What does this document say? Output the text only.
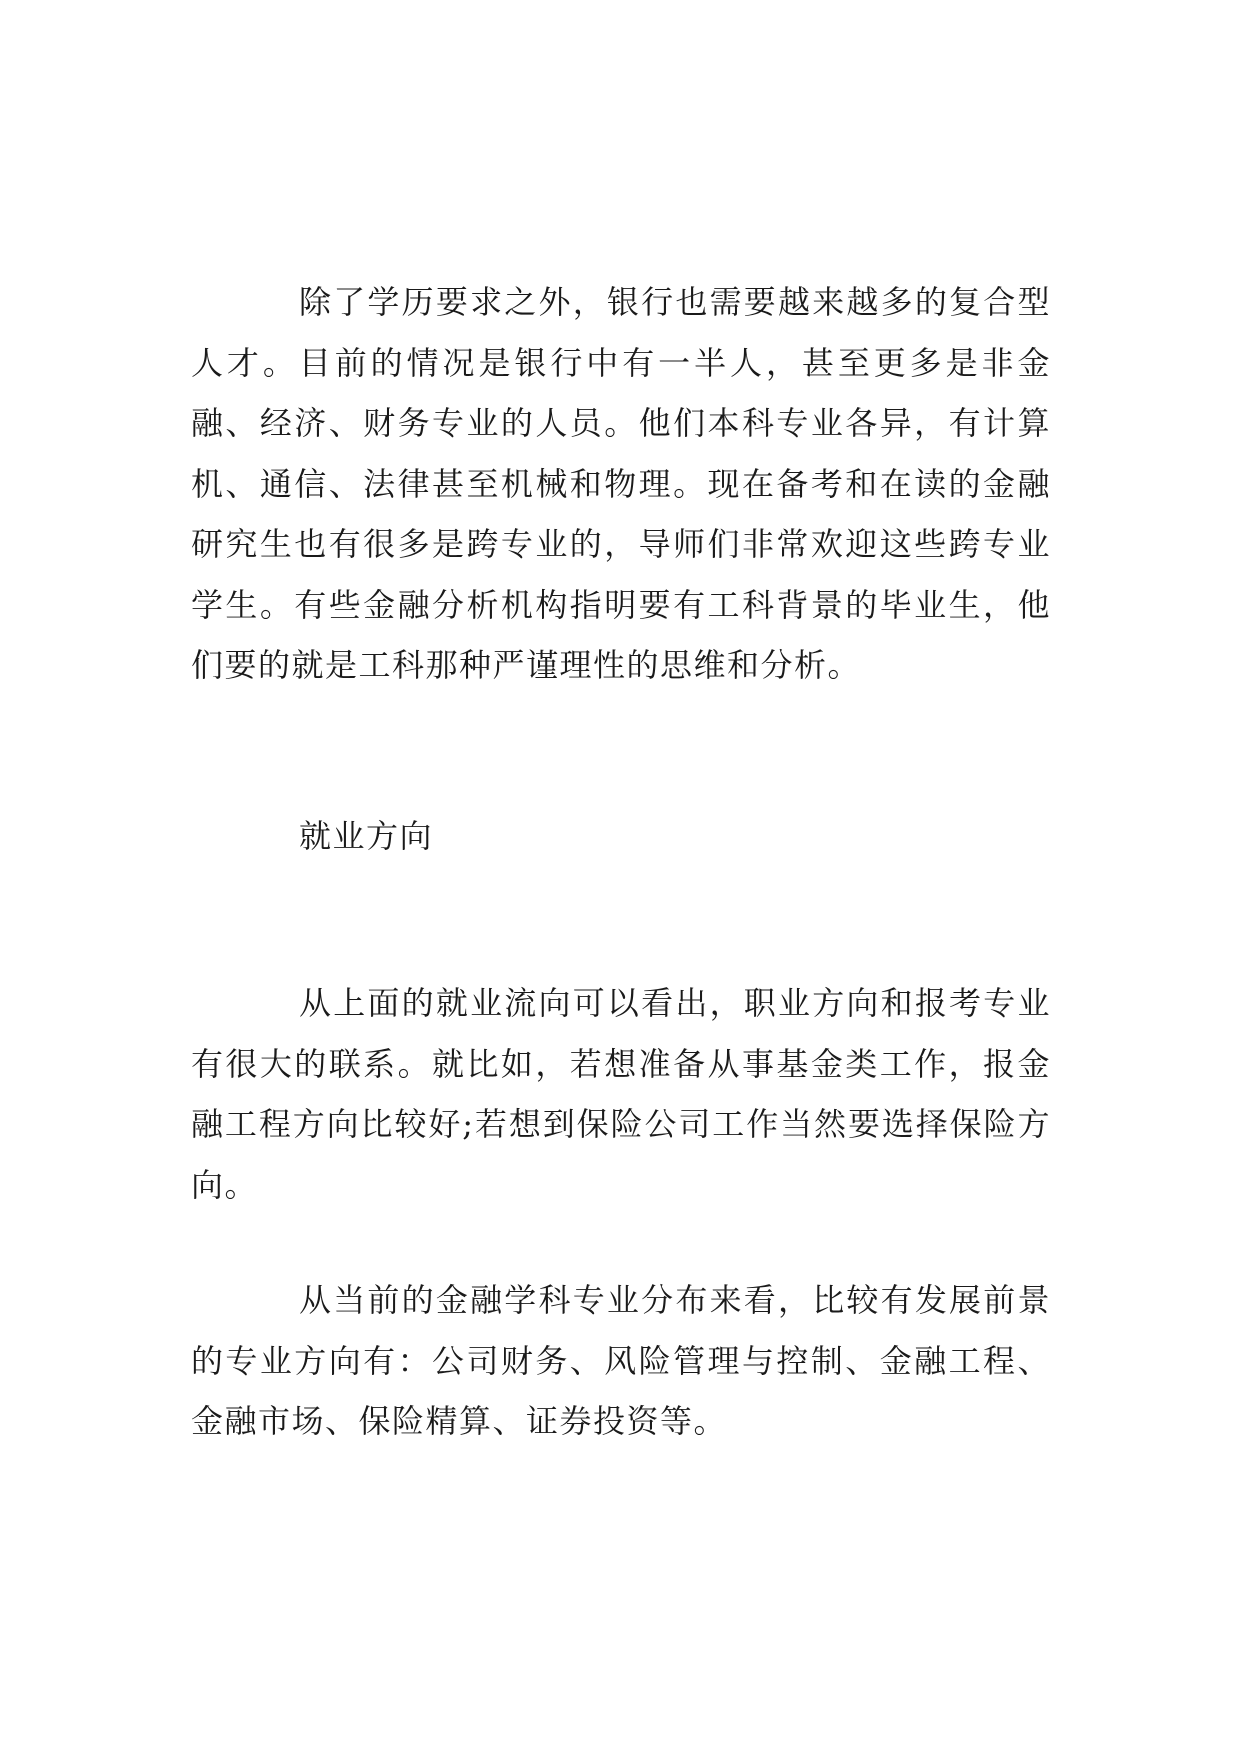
除了学历要求之外，银行也需要越来越多的复合型人才。目前的情况是银行中有一半人，甚至更多是非金融、经济、财务专业的人员。他们本科专业各异，有计算机、通信、法律甚至机械和物理。现在备考和在读的金融研究生也有很多是跨专业的，导师们非常欢迎这些跨专业学生。有些金融分析机构指明要有工科背景的毕业生，他们要的就是工科那种严谨理性的思维和分析。

就业方向

从上面的就业流向可以看出，职业方向和报考专业有很大的联系。就比如，若想准备从事基金类工作，报金融工程方向比较好;若想到保险公司工作当然要选择保险方向。

从当前的金融学科专业分布来看，比较有发展前景的专业方向有：公司财务、风险管理与控制、金融工程、金融市场、保险精算、证券投资等。
